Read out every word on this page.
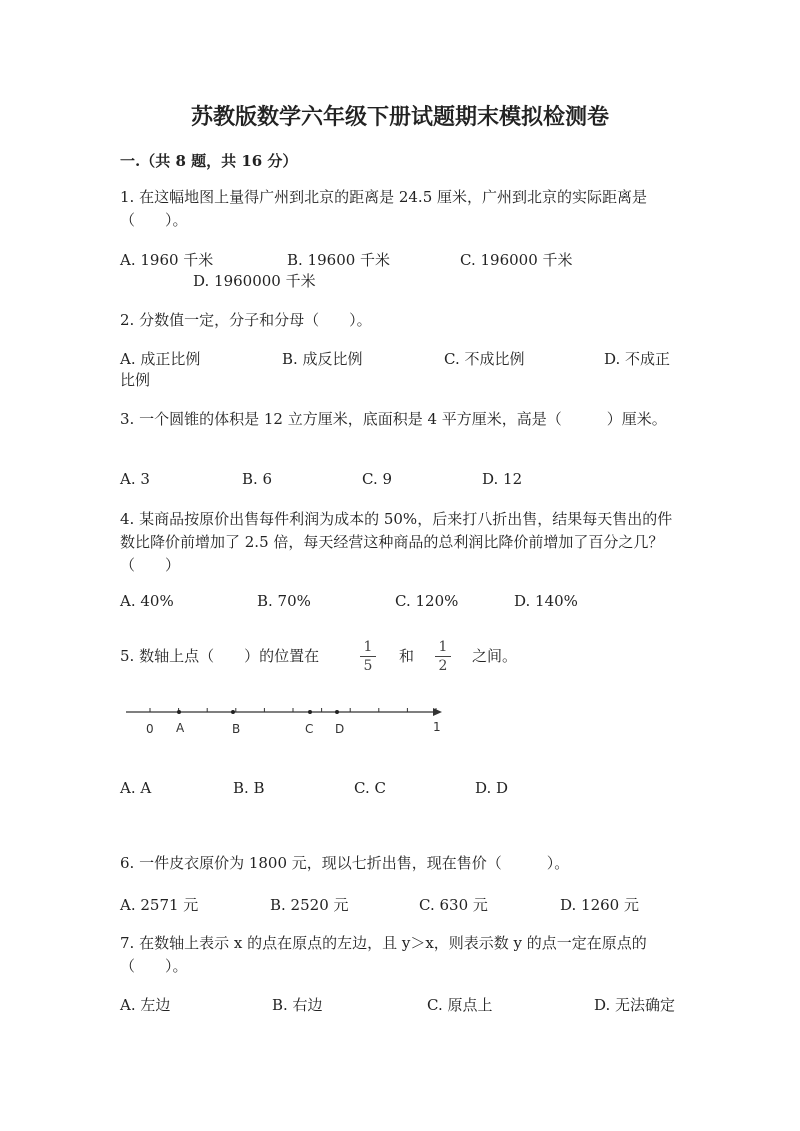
苏教版数学六年级下册试题期末模拟检测卷
一.（共 8 题，共 16 分）
1. 在这幅地图上量得广州到北京的距离是 24.5 厘米，广州到北京的实际距离是（　　）。
A. 1960 千米	B. 19600 千米	C. 196000 千米
D. 1960000 千米
2. 分数值一定，分子和分母（　　）。
A. 成正比例	B. 成反比例	C. 不成比例	D. 不成正
比例
3. 一个圆锥的体积是 12 立方厘米，底面积是 4 平方厘米，高是（　　　）厘米。
A. 3	B. 6	C. 9	D. 12
4. 某商品按原价出售每件利润为成本的 50%，后来打八折出售，结果每天售出的件数比降价前增加了 2.5 倍，每天经营这种商品的总利润比降价前增加了百分之几？（　　）
A. 40%	B. 70%	C. 120%	D. 140%
5. 数轴上点（　　）的位置在	$\frac{1}{5}$ 和 $\frac{1}{2}$ 之间。
0 A	B	C D	1
A. A	B. B	C. C	D. D
6. 一件皮衣原价为 1800 元，现以七折出售，现在售价（　　　）。
A. 2571 元	B. 2520 元	C. 630 元	D. 1260 元
7. 在数轴上表示 x 的点在原点的左边，且 y＞x，则表示数 y 的点一定在原点的（　　）。
A. 左边	B. 右边	C. 原点上	D. 无法确定
